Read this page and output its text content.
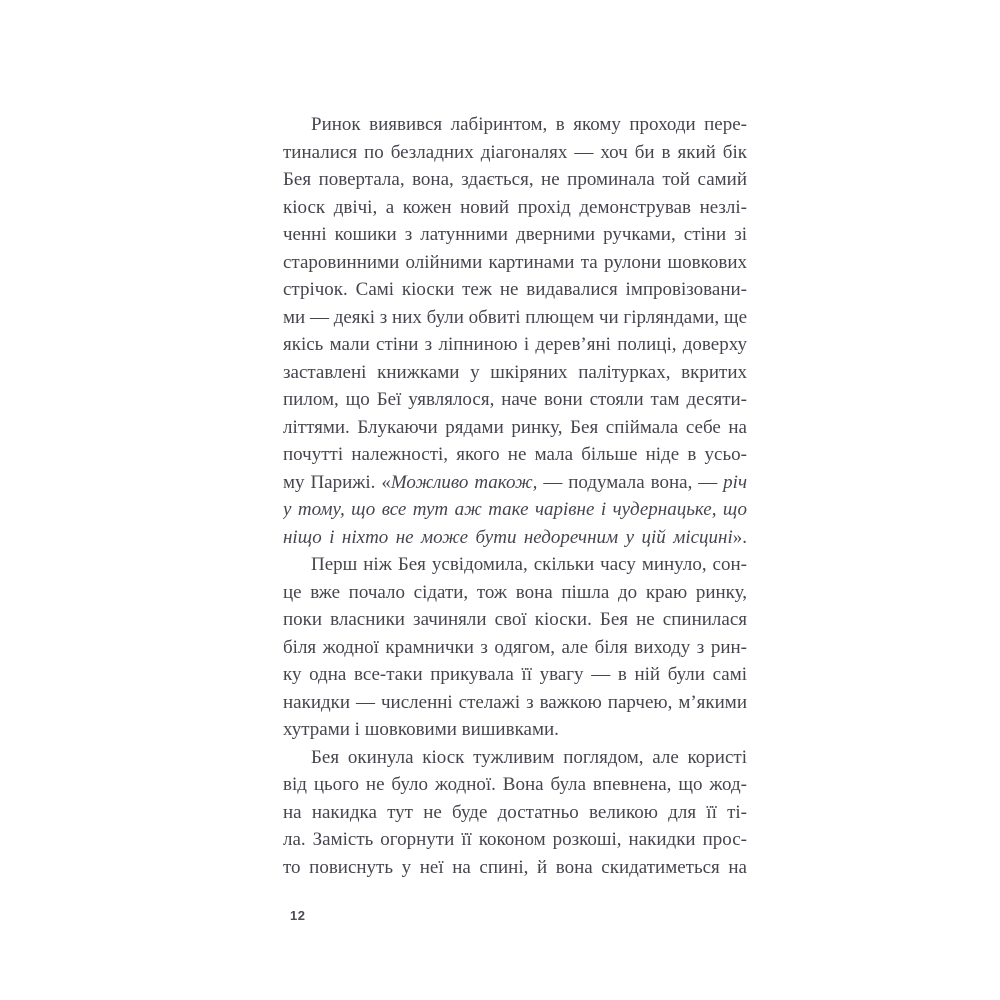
Ринок виявився лабіринтом, в якому проходи пере-
тиналися по безладних діагоналях — хоч би в який бік
Бея повертала, вона, здається, не проминала той самий
кіоск двічі, а кожен новий прохід демонстрував незлі-
ченні кошики з латунними дверними ручками, стіни зі
старовинними олійними картинами та рулони шовкових
стрічок. Самі кіоски теж не видавалися імпровізовани-
ми — деякі з них були обвиті плющем чи гірляндами, ще
якісь мали стіни з ліпниною і дерев’яні полиці, доверху
заставлені книжками у шкіряних палітурках, вкритих
пилом, що Беї уявлялося, наче вони стояли там десяти-
літтями. Блукаючи рядами ринку, Бея спіймала себе на
почутті належності, якого не мала більше ніде в усьо-
му Парижі. «Можливо також, — подумала вона, — річ
у тому, що все тут аж таке чарівне і чудернацьке, що
ніщо і ніхто не може бути недоречним у цій місцині».
Перш ніж Бея усвідомила, скільки часу минуло, сон-
це вже почало сідати, тож вона пішла до краю ринку,
поки власники зачиняли свої кіоски. Бея не спинилася
біля жодної крамнички з одягом, але біля виходу з рин-
ку одна все-таки прикувала її увагу — в ній були самі
накидки — численні стелажі з важкою парчею, м’якими
хутрами і шовковими вишивками.
Бея окинула кіоск тужливим поглядом, але користі
від цього не було жодної. Вона була впевнена, що жод-
на накидка тут не буде достатньо великою для її ті-
ла. Замість огорнути її коконом розкоші, накидки прос-
то повиснуть у неї на спині, й вона скидатиметься на
12
